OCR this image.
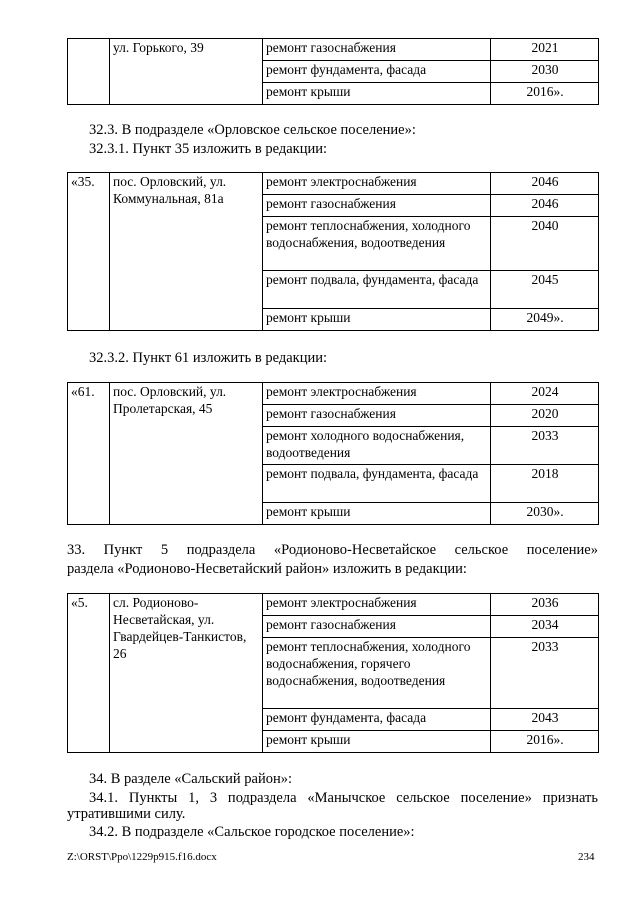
	ул. Горького, 39	ремонт газоснабжения	2021
		ремонт фундамента, фасада	2030
		ремонт крыши	2016».
32.3. В подразделе «Орловское сельское поселение»:
32.3.1. Пункт 35 изложить в редакции:
«35.	пос. Орловский, ул. Коммунальная, 81а	ремонт электроснабжения	2046
		ремонт газоснабжения	2046
		ремонт теплоснабжения, холодного водоснабжения, водоотведения	2040
		ремонт подвала, фундамента, фасада	2045
		ремонт крыши	2049».
32.3.2. Пункт 61 изложить в редакции:
«61.	пос. Орловский, ул. Пролетарская, 45	ремонт электроснабжения	2024
		ремонт газоснабжения	2020
		ремонт холодного водоснабжения, водоотведения	2033
		ремонт подвала, фундамента, фасада	2018
		ремонт крыши	2030».
33. Пункт 5 подраздела «Родионово-Несветайское сельское поселение»
раздела «Родионово-Несветайский район» изложить в редакции:
«5.	сл. Родионово-Несветайская, ул. Гвардейцев-Танкистов, 26	ремонт электроснабжения	2036
		ремонт газоснабжения	2034
		ремонт теплоснабжения, холодного водоснабжения, горячего водоснабжения, водоотведения	2033
		ремонт фундамента, фасада	2043
		ремонт крыши	2016».
34. В разделе «Сальский район»:
34.1. Пункты 1, 3 подраздела «Манычское сельское поселение» признать
утратившими силу.
34.2. В подразделе «Сальское городское поселение»:
Z:\ORST\Ppo\1229p915.f16.docx	234
